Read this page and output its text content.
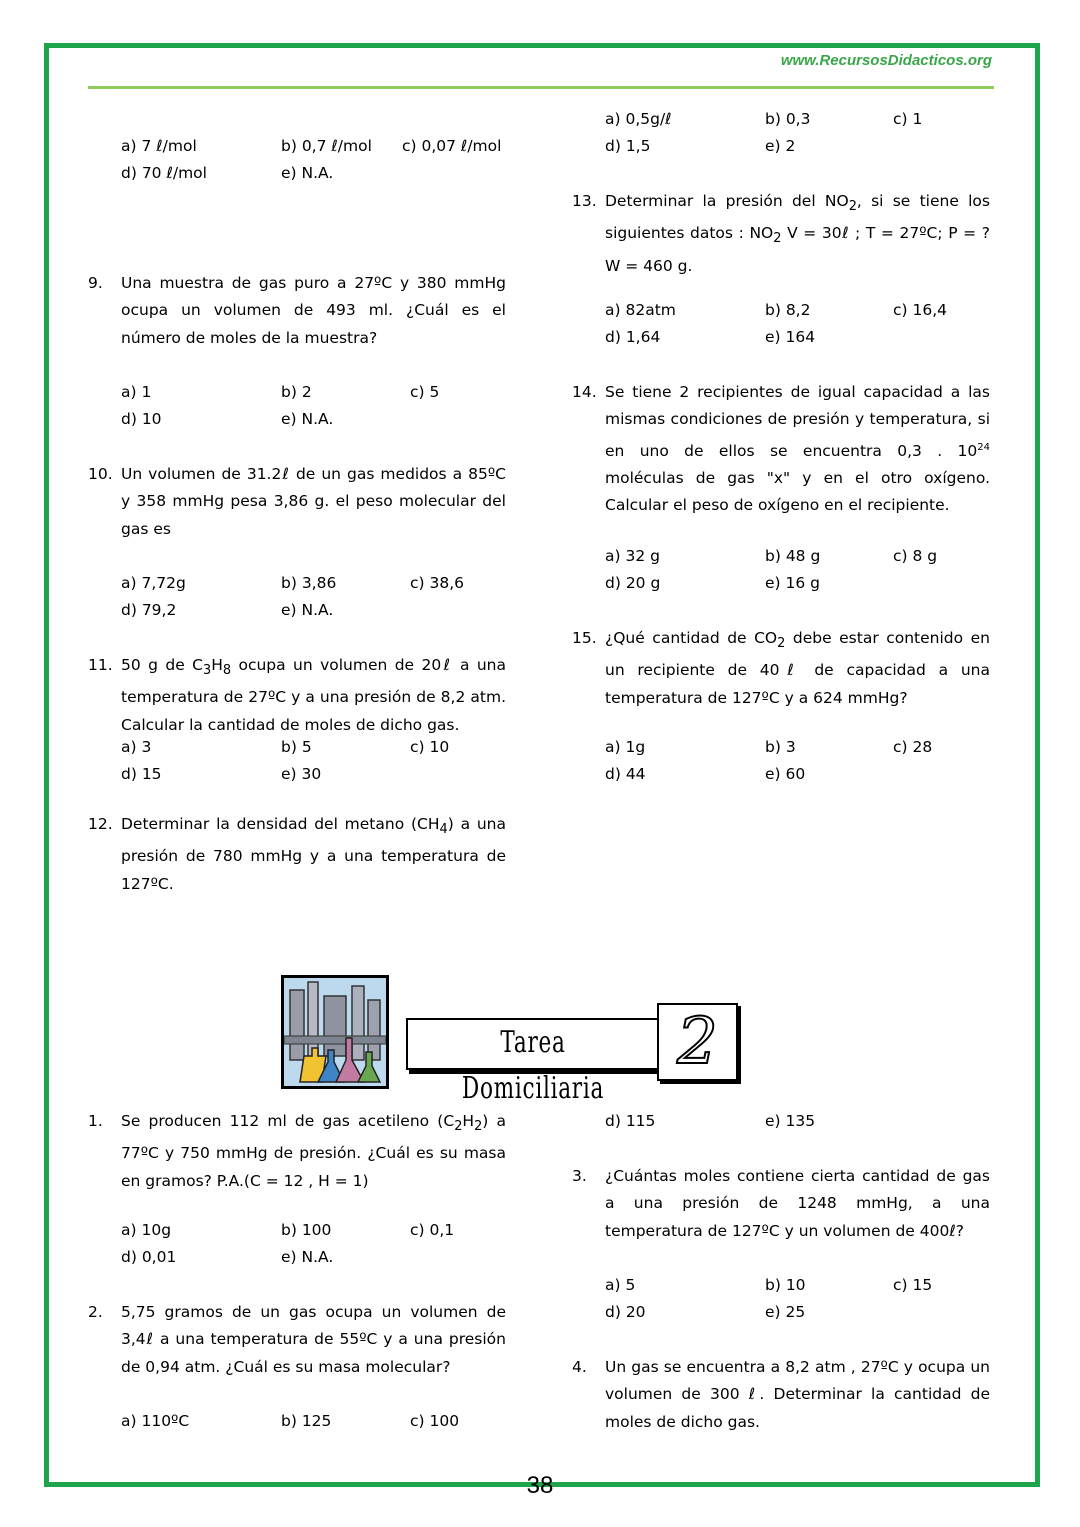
www.RecursosDidacticos.org
a) 7 ℓ/mol	b) 0,7 ℓ/mol c) 0,07 ℓ/mol
d) 70 ℓ/mol	e) N.A.
9. Una muestra de gas puro a 27ºC y 380 mmHg ocupa un volumen de 493 ml. ¿Cuál es el número de moles de la muestra?
a) 1	b) 2	c) 5
d) 10	e) N.A.
10. Un volumen de 31.2ℓ de un gas medidos a 85ºC y 358 mmHg pesa 3,86 g. el peso molecular del gas es
a) 7,72g	b) 3,86	c) 38,6
d) 79,2	e) N.A.
11. 50 g de $C_3H_8$ ocupa un volumen de 20ℓ a una temperatura de 27ºC y a una presión de 8,2 atm. Calcular la cantidad de moles de dicho gas.
a) 3	b) 5	c) 10
d) 15	e) 30
12. Determinar la densidad del metano $(CH_4)$ a una presión de 780 mmHg y a una temperatura de 127ºC.
a) 0,5g/ℓ	b) 0,3	c) 1
d) 1,5	e) 2
13. Determinar la presión del $NO_2$, si se tiene los siguientes datos : $NO_2$ V = 30ℓ ; T = 27ºC; P = ? W = 460 g.
a) 82atm	b) 8,2	c) 16,4
d) 1,64	e) 164
14. Se tiene 2 recipientes de igual capacidad a las mismas condiciones de presión y temperatura, si en uno de ellos se encuentra 0,3 . $10^{24}$ moléculas de gas "x" y en el otro oxígeno. Calcular el peso de oxígeno en el recipiente.
a) 32 g	b) 48 g	c) 8 g
d) 20 g	e) 16 g
15. ¿Qué cantidad de $CO_2$ debe estar contenido en un recipiente de 40ℓ de capacidad a una temperatura de 127ºC y a 624 mmHg?
a) 1g	b) 3	c) 28
d) 44	e) 60
Tarea Domiciliaria
2
1. Se producen 112 ml de gas acetileno $(C_2H_2)$ a 77ºC y 750 mmHg de presión. ¿Cuál es su masa en gramos? P.A.(C = 12 , H = 1)
a) 10g	b) 100	c) 0,1
d) 0,01	e) N.A.
2. 5,75 gramos de un gas ocupa un volumen de 3,4ℓ a una temperatura de 55ºC y a una presión de 0,94 atm. ¿Cuál es su masa molecular?
a) 110ºC	b) 125	c) 100
d) 115	e) 135
3. ¿Cuántas moles contiene cierta cantidad de gas a una presión de 1248 mmHg, a una temperatura de 127ºC y un volumen de 400ℓ?
a) 5	b) 10	c) 15
d) 20	e) 25
4. Un gas se encuentra a 8,2 atm , 27ºC y ocupa un volumen de 300 ℓ. Determinar la cantidad de moles de dicho gas.
38
